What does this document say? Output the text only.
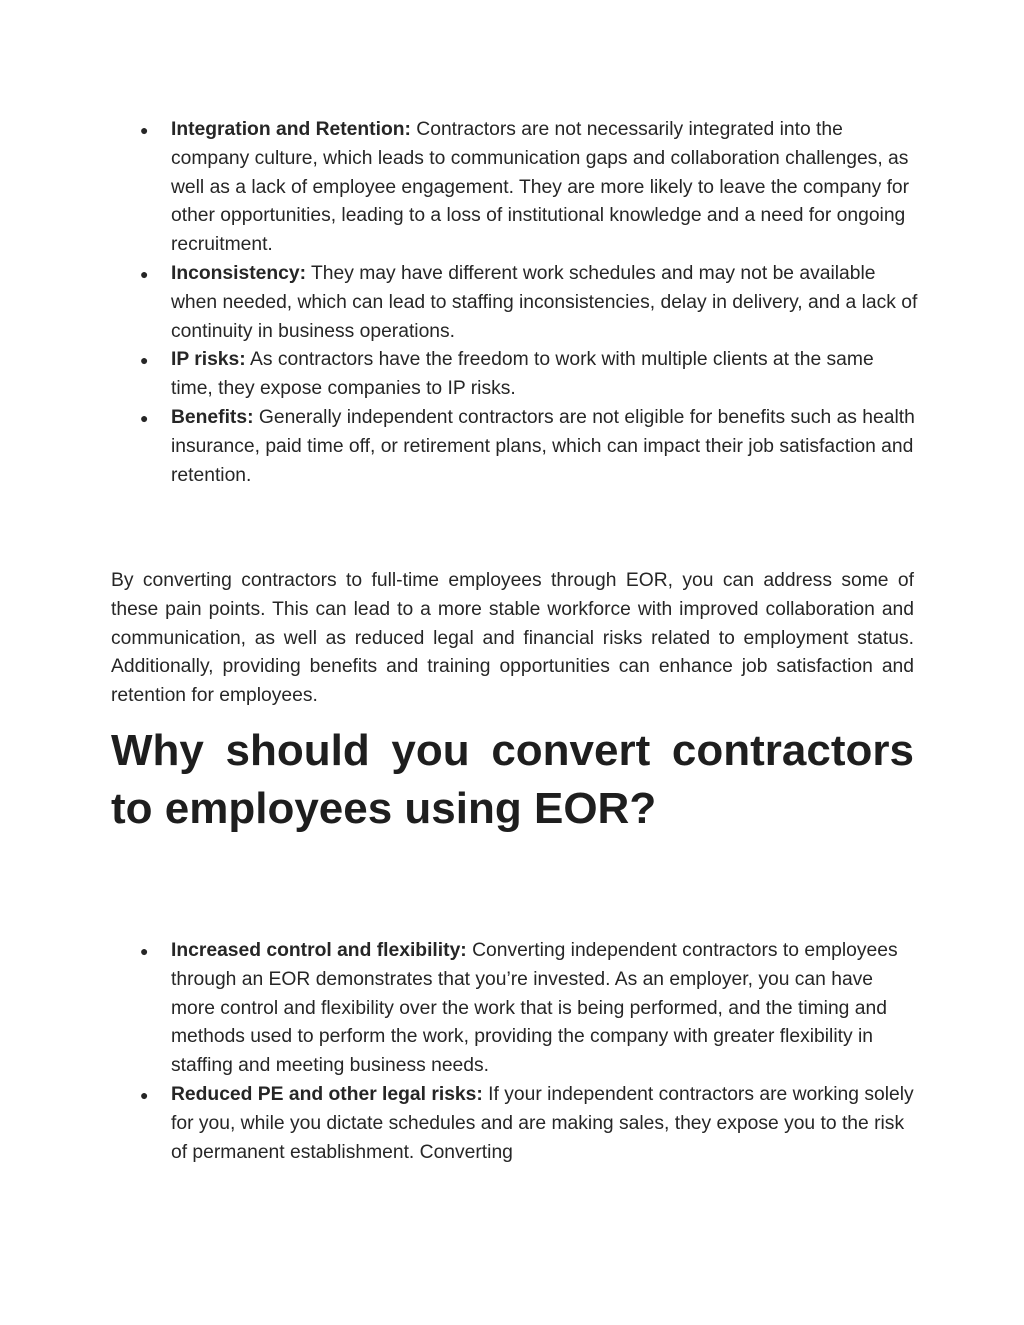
● Integration and Retention: Contractors are not necessarily integrated into the company culture, which leads to communication gaps and collaboration challenges, as well as a lack of employee engagement. They are more likely to leave the company for other opportunities, leading to a loss of institutional knowledge and a need for ongoing recruitment.
● Inconsistency: They may have different work schedules and may not be available when needed, which can lead to staffing inconsistencies, delay in delivery, and a lack of continuity in business operations.
● IP risks: As contractors have the freedom to work with multiple clients at the same time, they expose companies to IP risks.
● Benefits: Generally independent contractors are not eligible for benefits such as health insurance, paid time off, or retirement plans, which can impact their job satisfaction and retention.

By converting contractors to full-time employees through EOR, you can address some of these pain points. This can lead to a more stable workforce with improved collaboration and communication, as well as reduced legal and financial risks related to employment status. Additionally, providing benefits and training opportunities can enhance job satisfaction and retention for employees.

Why should you convert contractors to employees using EOR?
● Increased control and flexibility: Converting independent contractors to employees through an EOR demonstrates that you’re invested. As an employer, you can have more control and flexibility over the work that is being performed, and the timing and methods used to perform the work, providing the company with greater flexibility in staffing and meeting business needs.
● Reduced PE and other legal risks: If your independent contractors are working solely for you, while you dictate schedules and are making sales, they expose you to the risk of permanent establishment. Converting
